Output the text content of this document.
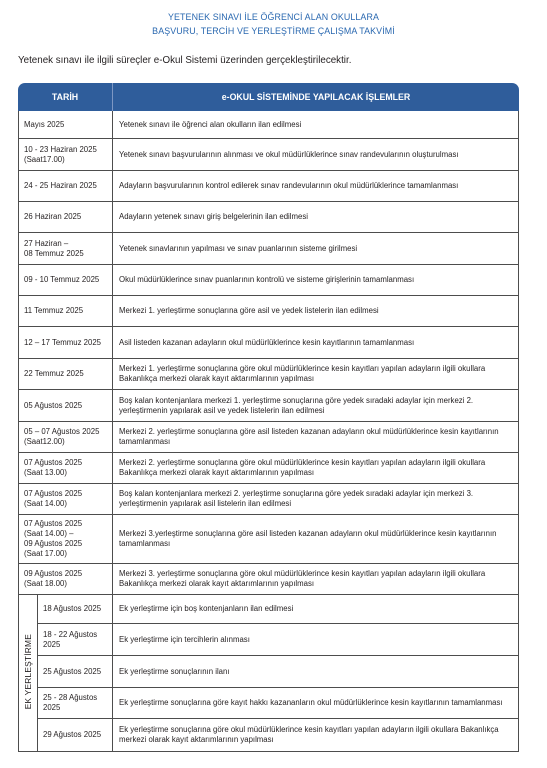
YETENEK SINAVI İLE ÖĞRENCİ ALAN OKULLARA
BAŞVURU, TERCİH VE YERLEŞTİRME ÇALIŞMA TAKVİMİ
Yetenek sınavı ile ilgili süreçler e-Okul Sistemi üzerinden gerçekleştirilecektir.
TARİH		e-OKUL SİSTEMİNDE YAPILACAK İŞLEMLER
Mayıs 2025		Yetenek sınavı ile öğrenci alan okulların ilan edilmesi
10 - 23 Haziran 2025
(Saat17.00)		Yetenek sınavı başvurularının alınması ve okul müdürlüklerince sınav randevularının oluşturulması
24 - 25 Haziran 2025		Adayların başvurularının kontrol edilerek sınav randevularının okul müdürlüklerince tamamlanması
26 Haziran 2025		Adayların yetenek sınavı giriş belgelerinin ilan edilmesi
27 Haziran –
08 Temmuz 2025		Yetenek sınavlarının yapılması ve sınav puanlarının sisteme girilmesi
09 - 10 Temmuz 2025		Okul müdürlüklerince sınav puanlarının kontrolü ve sisteme girişlerinin tamamlanması
11 Temmuz 2025		Merkezi 1. yerleştirme sonuçlarına göre asil ve yedek listelerin ilan edilmesi
12 – 17 Temmuz 2025		Asil listeden kazanan adayların okul müdürlüklerince kesin kayıtlarının tamamlanması
22 Temmuz 2025		Merkezi 1. yerleştirme sonuçlarına göre okul müdürlüklerince kesin kayıtları yapılan adayların ilgili okullara Bakanlıkça merkezi olarak kayıt aktarımlarının yapılması
05 Ağustos 2025		Boş kalan kontenjanlara merkezi 1. yerleştirme sonuçlarına göre yedek sıradaki adaylar için merkezi 2. yerleştirmenin yapılarak asil ve yedek listelerin ilan edilmesi
05 – 07 Ağustos 2025
(Saat12.00)		Merkezi 2. yerleştirme sonuçlarına göre asil listeden kazanan adayların okul müdürlüklerince kesin kayıtlarının tamamlanması
07 Ağustos 2025
(Saat 13.00)		Merkezi 2. yerleştirme sonuçlarına göre okul müdürlüklerince kesin kayıtları yapılan adayların ilgili okullara Bakanlıkça merkezi olarak kayıt aktarımlarının yapılması
07 Ağustos 2025
(Saat 14.00)		Boş kalan kontenjanlara merkezi 2. yerleştirme sonuçlarına göre yedek sıradaki adaylar için merkezi 3. yerleştirmenin yapılarak asil listelerin ilan edilmesi
07 Ağustos 2025
(Saat 14.00) –
09 Ağustos 2025
(Saat 17.00)		Merkezi 3.yerleştirme sonuçlarına göre asil listeden kazanan adayların okul müdürlüklerince kesin kayıtlarının tamamlanması
09 Ağustos 2025
(Saat 18.00)		Merkezi 3. yerleştirme sonuçlarına göre okul müdürlüklerince kesin kayıtları yapılan adayların ilgili okullara Bakanlıkça merkezi olarak kayıt aktarımlarının yapılması
EK YERLEŞTİRME	18 Ağustos 2025	Ek yerleştirme için boş kontenjanların ilan edilmesi
	18 - 22 Ağustos
2025	Ek yerleştirme için tercihlerin alınması
	25 Ağustos 2025	Ek yerleştirme sonuçlarının ilanı
	25 - 28 Ağustos
2025	Ek yerleştirme sonuçlarına göre kayıt hakkı kazananların okul müdürlüklerince kesin kayıtlarının tamamlanması
	29 Ağustos 2025	Ek yerleştirme sonuçlarına göre okul müdürlüklerince kesin kayıtları yapılan adayların ilgili okullara Bakanlıkça merkezi olarak kayıt aktarımlarının yapılması
